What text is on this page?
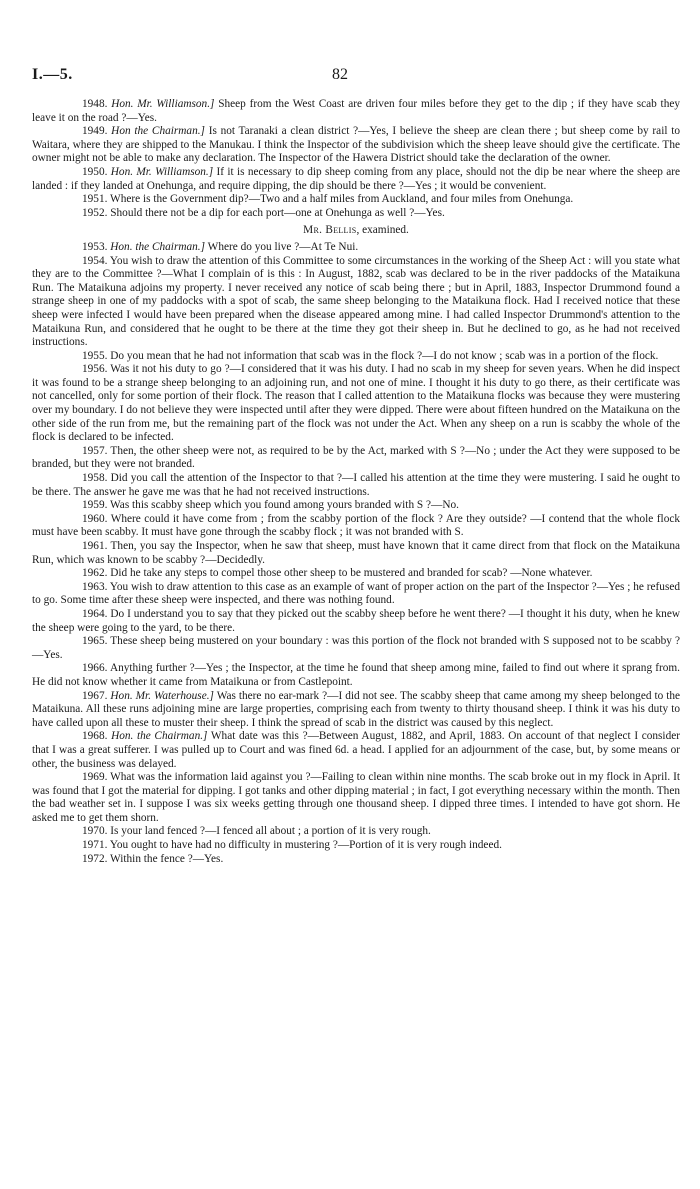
I.—5.	82

1948. Hon. Mr. Williamson.] Sheep from the West Coast are driven four miles before they get to the dip ; if they have scab they leave it on the road ?—Yes.

1949. Hon the Chairman.] Is not Taranaki a clean district ?—Yes, I believe the sheep are clean there ; but sheep come by rail to Waitara, where they are shipped to the Manukau. I think the Inspector of the subdivision which the sheep leave should give the certificate. The owner might not be able to make any declaration. The Inspector of the Hawera District should take the declaration of the owner.

1950. Hon. Mr. Williamson.] If it is necessary to dip sheep coming from any place, should not the dip be near where the sheep are landed : if they landed at Onehunga, and require dipping, the dip should be there ?—Yes ; it would be convenient.

1951. Where is the Government dip?—Two and a half miles from Auckland, and four miles from Onehunga.

1952. Should there not be a dip for each port—one at Onehunga as well ?—Yes.

Mr. Bellis, examined.

1953. Hon. the Chairman.] Where do you live ?—At Te Nui.

1954. You wish to draw the attention of this Committee to some circumstances in the working of the Sheep Act : will you state what they are to the Committee ?—What I complain of is this : In August, 1882, scab was declared to be in the river paddocks of the Mataikuna Run. The Mataikuna adjoins my property. I never received any notice of scab being there ; but in April, 1883, Inspector Drummond found a strange sheep in one of my paddocks with a spot of scab, the same sheep belonging to the Mataikuna flock. Had I received notice that these sheep were infected I would have been prepared when the disease appeared among mine. I had called Inspector Drummond's attention to the Mataikuna Run, and considered that he ought to be there at the time they got their sheep in. But he declined to go, as he had not received instructions.

1955. Do you mean that he had not information that scab was in the flock ?—I do not know ; scab was in a portion of the flock.

1956. Was it not his duty to go ?—I considered that it was his duty. I had no scab in my sheep for seven years. When he did inspect it was found to be a strange sheep belonging to an adjoining run, and not one of mine. I thought it his duty to go there, as their certificate was not cancelled, only for some portion of their flock. The reason that I called attention to the Mataikuna flocks was because they were mustering over my boundary. I do not believe they were inspected until after they were dipped. There were about fifteen hundred on the Mataikuna on the other side of the run from me, but the remaining part of the flock was not under the Act. When any sheep on a run is scabby the whole of the flock is declared to be infected.

1957. Then, the other sheep were not, as required to be by the Act, marked with S ?—No ; under the Act they were supposed to be branded, but they were not branded.

1958. Did you call the attention of the Inspector to that ?—I called his attention at the time they were mustering. I said he ought to be there. The answer he gave me was that he had not received instructions.

1959. Was this scabby sheep which you found among yours branded with S ?—No.

1960. Where could it have come from ; from the scabby portion of the flock ? Are they outside? —I contend that the whole flock must have been scabby. It must have gone through the scabby flock ; it was not branded with S.

1961. Then, you say the Inspector, when he saw that sheep, must have known that it came direct from that flock on the Mataikuna Run, which was known to be scabby ?—Decidedly.

1962. Did he take any steps to compel those other sheep to be mustered and branded for scab? —None whatever.

1963. You wish to draw attention to this case as an example of want of proper action on the part of the Inspector ?—Yes ; he refused to go. Some time after these sheep were inspected, and there was nothing found.

1964. Do I understand you to say that they picked out the scabby sheep before he went there? —I thought it his duty, when he knew the sheep were going to the yard, to be there.

1965. These sheep being mustered on your boundary : was this portion of the flock not branded with S supposed not to be scabby ?—Yes.

1966. Anything further ?—Yes ; the Inspector, at the time he found that sheep among mine, failed to find out where it sprang from. He did not know whether it came from Mataikuna or from Castlepoint.

1967. Hon. Mr. Waterhouse.] Was there no ear-mark ?—I did not see. The scabby sheep that came among my sheep belonged to the Mataikuna. All these runs adjoining mine are large properties, comprising each from twenty to thirty thousand sheep. I think it was his duty to have called upon all these to muster their sheep. I think the spread of scab in the district was caused by this neglect.

1968. Hon. the Chairman.] What date was this ?—Between August, 1882, and April, 1883. On account of that neglect I consider that I was a great sufferer. I was pulled up to Court and was fined 6d. a head. I applied for an adjournment of the case, but, by some means or other, the business was delayed.

1969. What was the information laid against you ?—Failing to clean within nine months. The scab broke out in my flock in April. It was found that I got the material for dipping. I got tanks and other dipping material ; in fact, I got everything necessary within the month. Then the bad weather set in. I suppose I was six weeks getting through one thousand sheep. I dipped three times. I intended to have got shorn. He asked me to get them shorn.

1970. Is your land fenced ?—I fenced all about ; a portion of it is very rough.

1971. You ought to have had no difficulty in mustering ?—Portion of it is very rough indeed.

1972. Within the fence ?—Yes.
